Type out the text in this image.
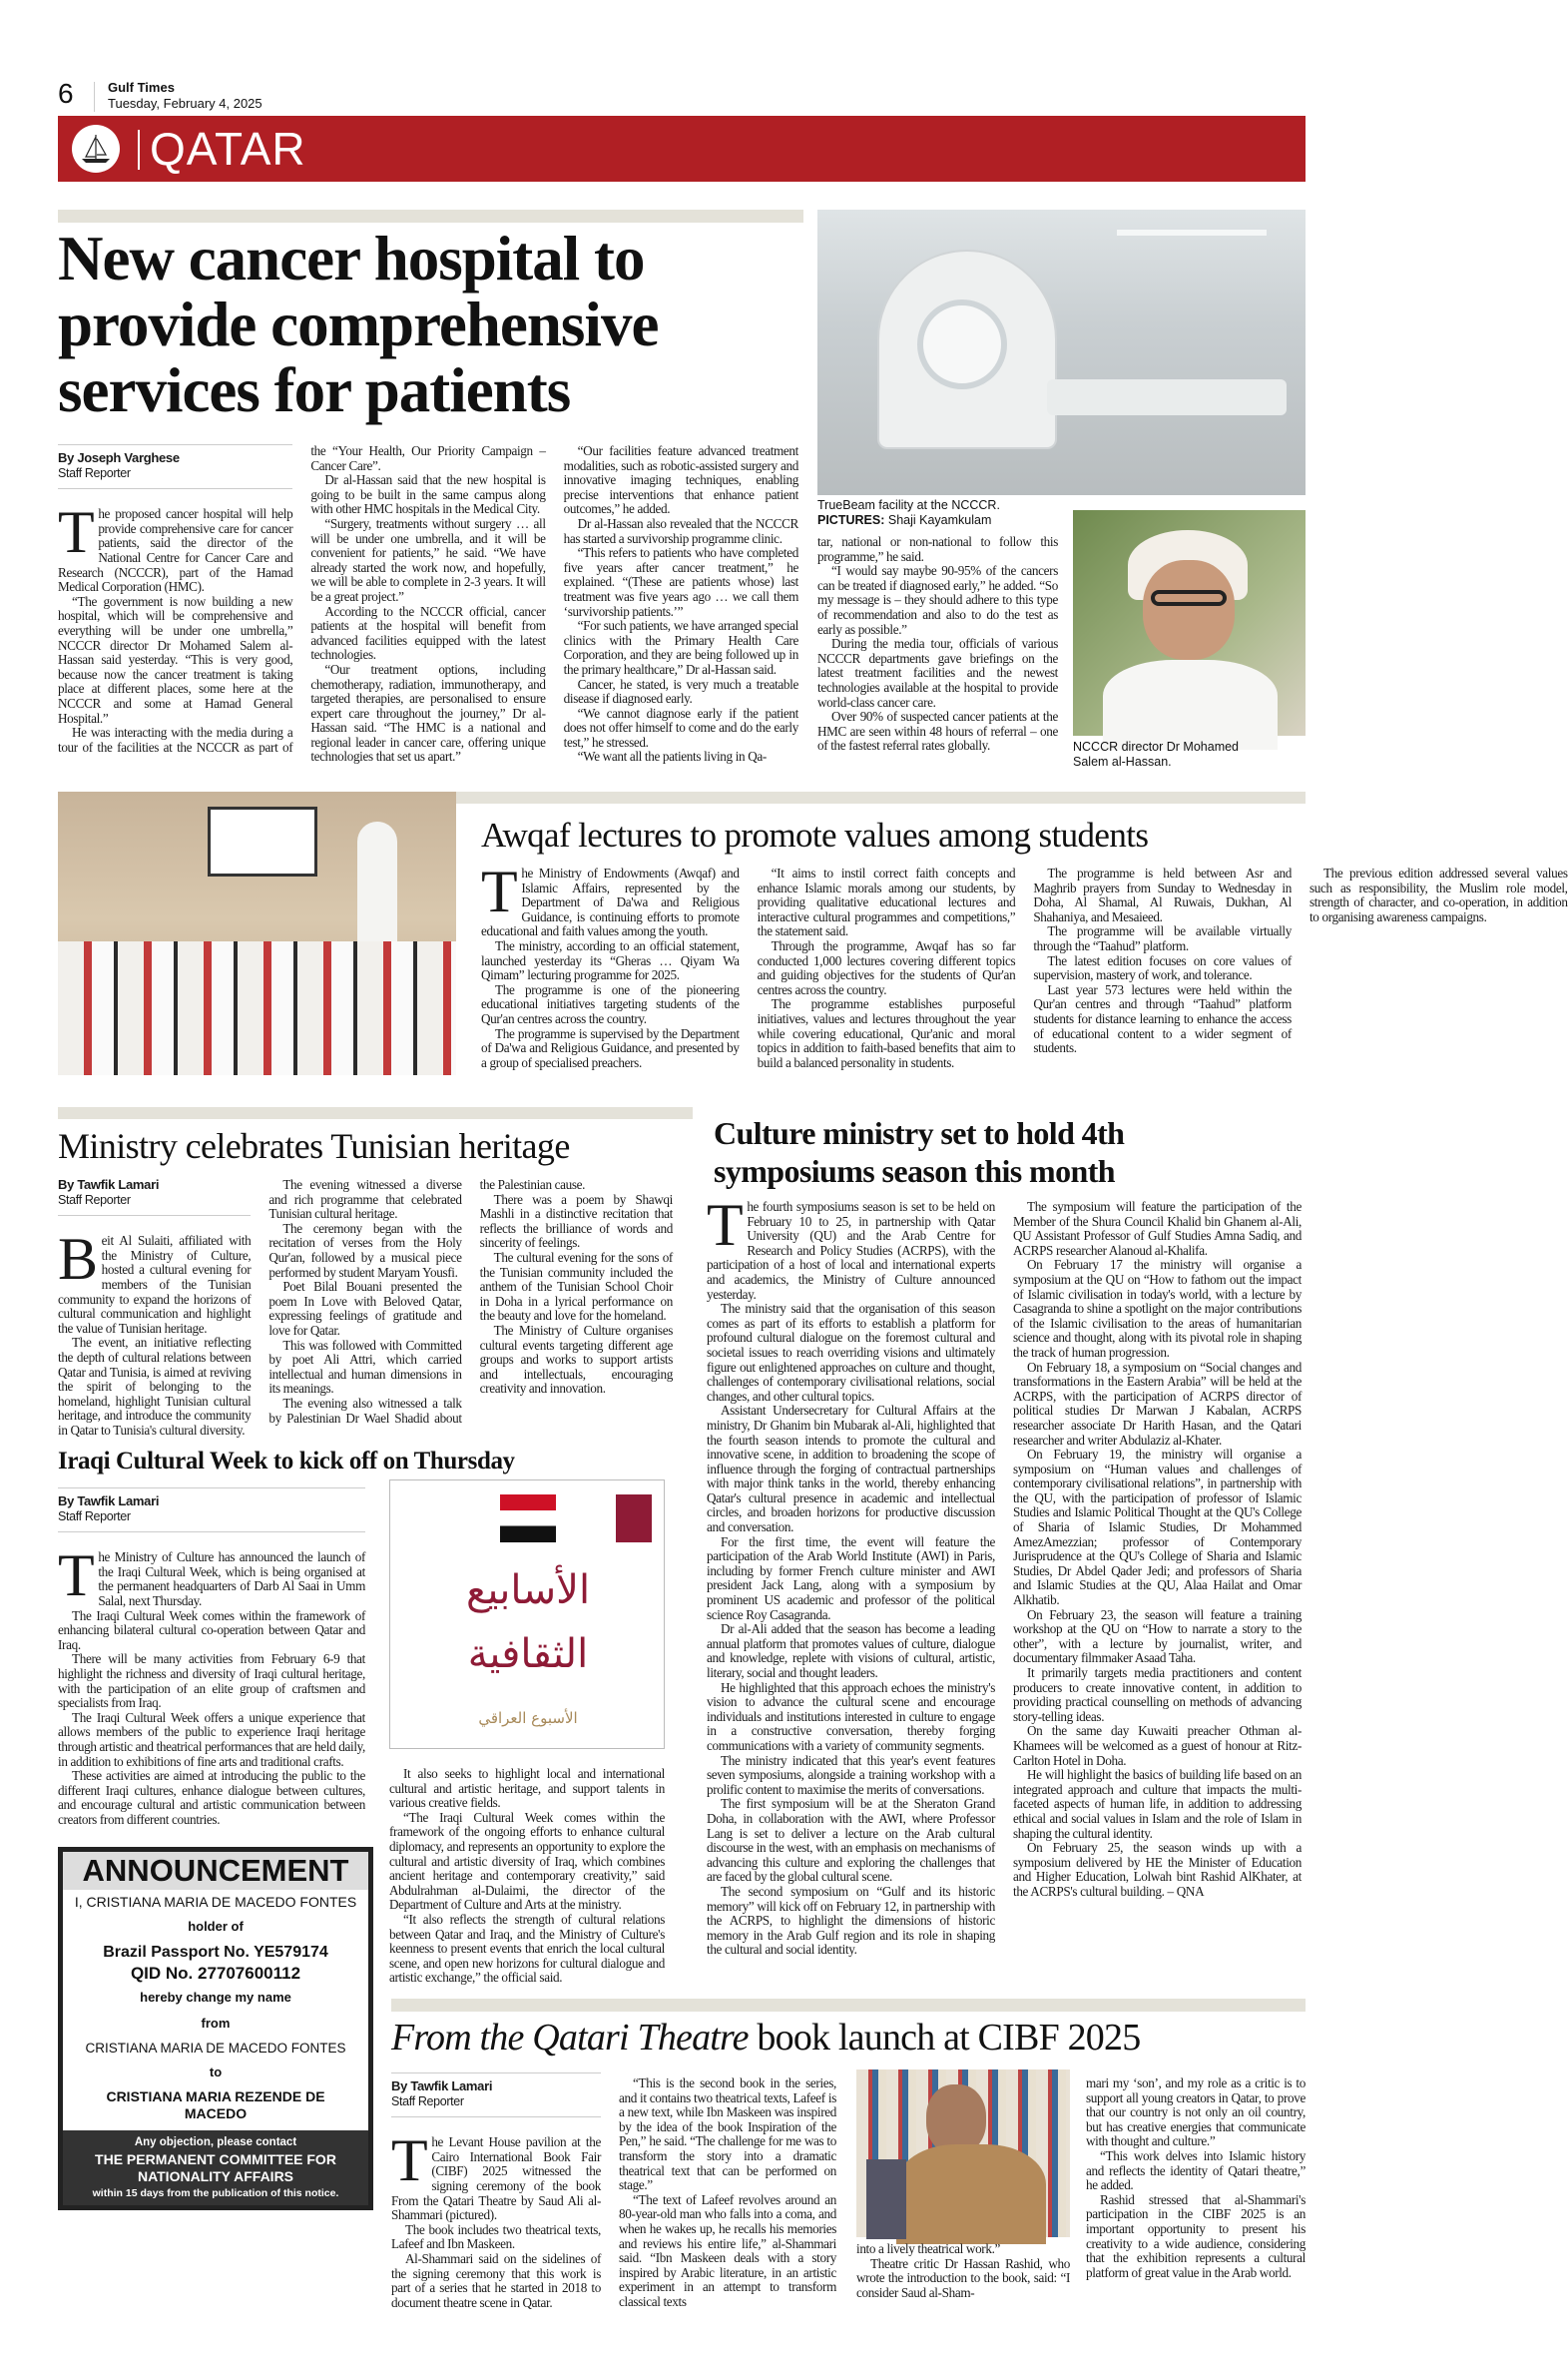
6	Gulf Times
Tuesday, February 4, 2025
QATAR
New cancer hospital to
provide comprehensive
services for patients
TrueBeam facility at the NCCCR.
PICTURES: Shaji Kayamkulam
By Joseph Varghese
Staff Reporter

The proposed cancer hospital will help provide comprehensive care for cancer patients, said the director of the National Centre for Cancer Care and Research (NCCCR), part of the Hamad Medical Corporation (HMC).

“The government is now building a new hospital, which will be comprehensive and everything will be under one umbrella,” NCCCR director Dr Mohamed Salem al-Hassan said yesterday. “This is very good, because now the cancer treatment is taking place at different places, some here at the NCCCR and some at Hamad General Hospital.”

He was interacting with the media during a tour of the facilities at the NCCCR as part of the “Your Health, Our Priority Campaign – Cancer Care”.

Dr al-Hassan said that the new hospital is going to be built in the same campus along with other HMC hospitals in the Medical City.

“Surgery, treatments without surgery … all will be under one umbrella, and it will be convenient for patients,” he said. “We have already started the work now, and hopefully, we will be able to complete in 2-3 years. It will be a great project.”

According to the NCCCR official, cancer patients at the hospital will benefit from advanced facilities equipped with the latest technologies.

“Our treatment options, including chemotherapy, radiation, immunotherapy, and targeted therapies, are personalised to ensure expert care throughout the journey,” Dr al-Hassan said. “The HMC is a national and regional leader in cancer care, offering unique technologies that set us apart.”

“Our facilities feature advanced treatment modalities, such as robotic-assisted surgery and innovative imaging techniques, enabling precise interventions that enhance patient outcomes,” he added.

Dr al-Hassan also revealed that the NCCCR has started a survivorship programme clinic.

“This refers to patients who have completed five years after cancer treatment,” he explained. “(These are patients whose) last treatment was five years ago … we call them ‘survivorship patients.’”

“For such patients, we have arranged special clinics with the Primary Health Care Corporation, and they are being followed up in the primary healthcare,” Dr al-Hassan said.

Cancer, he stated, is very much a treatable disease if diagnosed early.

“We cannot diagnose early if the patient does not offer himself to come and do the early test,” he stressed.

“We want all the patients living in Qa-

tar, national or non-national to follow this programme,” he said.

“I would say maybe 90-95% of the cancers can be treated if diagnosed early,” he added. “So my message is – they should adhere to this type of recommendation and also to do the test as early as possible.”

During the media tour, officials of various NCCCR departments gave briefings on the latest treatment facilities and the newest technologies available at the hospital to provide world-class cancer care.

Over 90% of suspected cancer patients at the HMC are seen within 48 hours of referral – one of the fastest referral rates globally.	NCCCR director Dr Mohamed Salem al-Hassan.
Awqaf lectures to promote values among students

The Ministry of Endowments (Awqaf) and Islamic Affairs, represented by the Department of Da'wa and Religious Guidance, is continuing efforts to promote educational and faith values among the youth.

The ministry, according to an official statement, launched yesterday its “Gheras … Qiyam Wa Qimam” lecturing programme for 2025.

The programme is one of the pioneering educational initiatives targeting students of the Qur'an centres across the country.

The programme is supervised by the Department of Da'wa and Religious Guidance, and presented by a group of specialised preachers.

“It aims to instil correct faith concepts and enhance Islamic morals among our students, by providing qualitative educational lectures and interactive cultural programmes and competitions,” the statement said.

Through the programme, Awqaf has so far conducted 1,000 lectures covering different topics and guiding objectives for the students of Qur'an centres across the country.

The programme establishes purposeful initiatives, values and lectures throughout the year while covering educational, Qur'anic and moral topics in addition to faith-based benefits that aim to build a balanced personality in students.

The programme is held between Asr and Maghrib prayers from Sunday to Wednesday in Doha, Al Shamal, Al Ruwais, Dukhan, Al Shahaniya, and Mesaieed.

The programme will be available virtually through the “Taahud” platform.

The latest edition focuses on core values of supervision, mastery of work, and tolerance.

Last year 573 lectures were held within the Qur'an centres and through “Taahud” platform students for distance learning to enhance the access of educational content to a wider segment of students.

The previous edition addressed several values such as responsibility, the Muslim role model, strength of character, and co-operation, in addition to organising awareness campaigns.

Ministry celebrates Tunisian heritage
By Tawfik Lamari
Staff Reporter

Beit Al Sulaiti, affiliated with the Ministry of Culture, hosted a cultural evening for members of the Tunisian community to expand the horizons of cultural communication and highlight the value of Tunisian heritage.

The event, an initiative reflecting the depth of cultural relations between Qatar and Tunisia, is aimed at reviving the spirit of belonging to the homeland, highlight Tunisian cultural heritage, and introduce the community in Qatar to Tunisia's cultural diversity.

The evening witnessed a diverse and rich programme that celebrated Tunisian cultural heritage.

The ceremony began with the recitation of verses from the Holy Qur'an, followed by a musical piece performed by student Maryam Yousfi.

Poet Bilal Bouani presented the poem In Love with Beloved Qatar, expressing feelings of gratitude and love for Qatar.

This was followed with Committed by poet Ali Attri, which carried intellectual and human dimensions in its meanings.

The evening also witnessed a talk by Palestinian Dr Wael Shadid about the Palestinian cause.

There was a poem by Shawqi Mashli in a distinctive recitation that reflects the brilliance of words and sincerity of feelings.

The cultural evening for the sons of the Tunisian community included the anthem of the Tunisian School Choir in Doha in a lyrical performance on the beauty and love for the homeland.

The Ministry of Culture organises cultural events targeting different age groups and works to support artists and intellectuals, encouraging creativity and innovation.

Iraqi Cultural Week to kick off on Thursday
By Tawfik Lamari
Staff Reporter

The Ministry of Culture has announced the launch of the Iraqi Cultural Week, which is being organised at the permanent headquarters of Darb Al Saai in Umm Salal, next Thursday.

The Iraqi Cultural Week comes within the framework of enhancing bilateral cultural co-operation between Qatar and Iraq.

There will be many activities from February 6-9 that highlight the richness and diversity of Iraqi cultural heritage, with the participation of an elite group of craftsmen and specialists from Iraq.

The Iraqi Cultural Week offers a unique experience that allows members of the public to experience Iraqi heritage through artistic and theatrical performances that are held daily, in addition to exhibitions of fine arts and traditional crafts.

These activities are aimed at introducing the public to the different Iraqi cultures, enhance dialogue between cultures, and encourage cultural and artistic communication between creators from different countries.

الأسابيع الثقافية
الأسبوع العراقي

It also seeks to highlight local and international cultural and artistic heritage, and support talents in various creative fields.

“The Iraqi Cultural Week comes within the framework of the ongoing efforts to enhance cultural diplomacy, and represents an opportunity to explore the cultural and artistic diversity of Iraq, which combines ancient heritage and contemporary creativity,” said Abdulrahman al-Dulaimi, the director of the Department of Culture and Arts at the ministry.

“It also reflects the strength of cultural relations between Qatar and Iraq, and the Ministry of Culture's keenness to present events that enrich the local cultural scene, and open new horizons for cultural dialogue and artistic exchange,” the official said.

ANNOUNCEMENT
I, CRISTIANA MARIA DE MACEDO FONTES
holder of
Brazil Passport No. YE579174
QID No. 27707600112
hereby change my name
from
CRISTIANA MARIA DE MACEDO FONTES
to
CRISTIANA MARIA REZENDE DE MACEDO
Any objection, please contact
THE PERMANENT COMMITTEE FOR NATIONALITY AFFAIRS
within 15 days from the publication of this notice.
Culture ministry set to hold 4th
symposiums season this month

The fourth symposiums season is set to be held on February 10 to 25, in partnership with Qatar University (QU) and the Arab Centre for Research and Policy Studies (ACRPS), with the participation of a host of local and international experts and academics, the Ministry of Culture announced yesterday.

The ministry said that the organisation of this season comes as part of its efforts to establish a platform for profound cultural dialogue on the foremost cultural and societal issues to reach overriding visions and ultimately figure out enlightened approaches on culture and thought, challenges of contemporary civilisational relations, social changes, and other cultural topics.

Assistant Undersecretary for Cultural Affairs at the ministry, Dr Ghanim bin Mubarak al-Ali, highlighted that the fourth season intends to promote the cultural and innovative scene, in addition to broadening the scope of influence through the forging of contractual partnerships with major think tanks in the world, thereby enhancing Qatar's cultural presence in academic and intellectual circles, and broaden horizons for productive discussion and conversation.

For the first time, the event will feature the participation of the Arab World Institute (AWI) in Paris, including by former French culture minister and AWI president Jack Lang, along with a symposium by prominent US academic and professor of the political science Roy Casagranda.

Dr al-Ali added that the season has become a leading annual platform that promotes values of culture, dialogue and knowledge, replete with visions of cultural, artistic, literary, social and thought leaders.

He highlighted that this approach echoes the ministry's vision to advance the cultural scene and encourage individuals and institutions interested in culture to engage in a constructive conversation, thereby forging communications with a variety of community segments.

The ministry indicated that this year's event features seven symposiums, alongside a training workshop with a prolific content to maximise the merits of conversations.

The first symposium will be at the Sheraton Grand Doha, in collaboration with the AWI, where Professor Lang is set to deliver a lecture on the Arab cultural discourse in the west, with an emphasis on mechanisms of advancing this culture and exploring the challenges that are faced by the global cultural scene.

The second symposium on “Gulf and its historic memory” will kick off on February 12, in partnership with the ACRPS, to highlight the dimensions of historic memory in the Arab Gulf region and its role in shaping the cultural and social identity.

The symposium will feature the participation of the Member of the Shura Council Khalid bin Ghanem al-Ali, QU Assistant Professor of Gulf Studies Amna Sadiq, and ACRPS researcher Alanoud al-Khalifa.

On February 17 the ministry will organise a symposium at the QU on “How to fathom out the impact of Islamic civilisation in today's world, with a lecture by Casagranda to shine a spotlight on the major contributions of the Islamic civilisation to the areas of humanitarian science and thought, along with its pivotal role in shaping the track of human progression.

On February 18, a symposium on “Social changes and transformations in the Eastern Arabia” will be held at the ACRPS, with the participation of ACRPS director of political studies Dr Marwan J Kabalan, ACRPS researcher associate Dr Harith Hasan, and the Qatari researcher and writer Abdulaziz al-Khater.

On February 19, the ministry will organise a symposium on “Human values and challenges of contemporary civilisational relations”, in partnership with the QU, with the participation of professor of Islamic Studies and Islamic Political Thought at the QU's College of Sharia of Islamic Studies, Dr Mohammed AmezAmezzian; professor of Contemporary Jurisprudence at the QU's College of Sharia and Islamic Studies, Dr Abdel Qader Jedi; and professors of Sharia and Islamic Studies at the QU, Alaa Hailat and Omar Alkhatib.

On February 23, the season will feature a training workshop at the QU on “How to narrate a story to the other”, with a lecture by journalist, writer, and documentary filmmaker Asaad Taha.

It primarily targets media practitioners and content producers to create innovative content, in addition to providing practical counselling on methods of advancing story-telling ideas.

On the same day Kuwaiti preacher Othman al-Khamees will be welcomed as a guest of honour at Ritz-Carlton Hotel in Doha.

He will highlight the basics of building life based on an integrated approach and culture that impacts the multi-faceted aspects of human life, in addition to addressing ethical and social values in Islam and the role of Islam in shaping the cultural identity.

On February 25, the season winds up with a symposium delivered by HE the Minister of Education and Higher Education, Lolwah bint Rashid AlKhater, at the ACRPS's cultural building. – QNA

From the Qatari Theatre book launch at CIBF 2025
By Tawfik Lamari
Staff Reporter

The Levant House pavilion at the Cairo International Book Fair (CIBF) 2025 witnessed the signing ceremony of the book From the Qatari Theatre by Saud Ali al-Shammari (pictured).

The book includes two theatrical texts, Lafeef and Ibn Maskeen.

Al-Shammari said on the sidelines of the signing ceremony that this work is part of a series that he started in 2018 to document theatre scene in Qatar.

“This is the second book in the series, and it contains two theatrical texts, Lafeef is a new text, while Ibn Maskeen was inspired by the idea of the book Inspiration of the Pen,” he said. “The challenge for me was to transform the story into a dramatic theatrical text that can be performed on stage.”

“The text of Lafeef revolves around an 80-year-old man who falls into a coma, and when he wakes up, he recalls his memories and reviews his entire life,” al-Shammari said. “Ibn Maskeen deals with a story inspired by Arabic literature, in an artistic experiment in an attempt to transform classical texts

into a lively theatrical work.”

Theatre critic Dr Hassan Rashid, who wrote the introduction to the book, said: “I consider Saud al-Sham-

mari my ‘son’, and my role as a critic is to support all young creators in Qatar, to prove that our country is not only an oil country, but has creative energies that communicate with thought and culture.”

“This work delves into Islamic history and reflects the identity of Qatari theatre,” he added.

Rashid stressed that al-Shammari's participation in the CIBF 2025 is an important opportunity to present his creativity to a wide audience, considering that the exhibition represents a cultural platform of great value in the Arab world.
